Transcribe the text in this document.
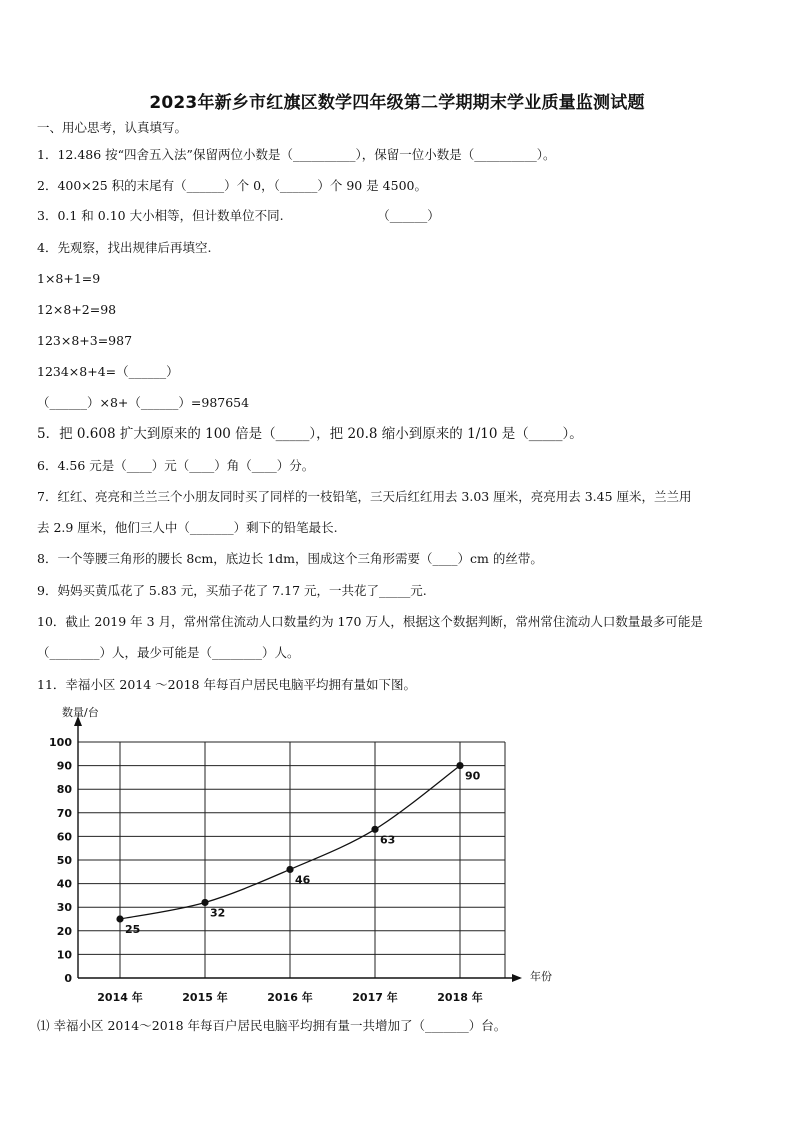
2023年新乡市红旗区数学四年级第二学期期末学业质量监测试题
一、用心思考，认真填写。
1．12.486 按“四舍五入法”保留两位小数是（__________），保留一位小数是（__________）。
2．400×25 积的末尾有（______）个 0，（______）个 90 是 4500。
3．0.1 和 0.10 大小相等，但计数单位不同.　　　　　　　　（______）
4．先观察，找出规律后再填空.
1×8+1=9
12×8+2=98
123×8+3=987
1234×8+4=（______）
（______）×8+（______）=987654
5．把 0.608 扩大到原来的 100 倍是（_____），把 20.8 缩小到原来的 1/10 是（_____）。
6．4.56 元是（____）元（____）角（____）分。
7．红红、亮亮和兰兰三个小朋友同时买了同样的一枝铅笔，三天后红红用去 3.03 厘米，亮亮用去 3.45 厘米，兰兰用
去 2.9 厘米，他们三人中（_______）剩下的铅笔最长.
8．一个等腰三角形的腰长 8cm，底边长 1dm，围成这个三角形需要（____）cm 的丝带。
9．妈妈买黄瓜花了 5.83 元，买茄子花了 7.17 元，一共花了_____元.
10．截止 2019 年 3 月，常州常住流动人口数量约为 170 万人，根据这个数据判断，常州常住流动人口数量最多可能是
（________）人，最少可能是（________）人。
11．幸福小区 2014 ～2018 年每百户居民电脑平均拥有量如下图。
0
10
20
30
40
50
60
70
80
90
100
数量/台
年份
2014 年	2015 年	2016 年	2017 年	2018 年
25
32
46
63
90
⑴ 幸福小区 2014～2018 年每百户居民电脑平均拥有量一共增加了（_______）台。
